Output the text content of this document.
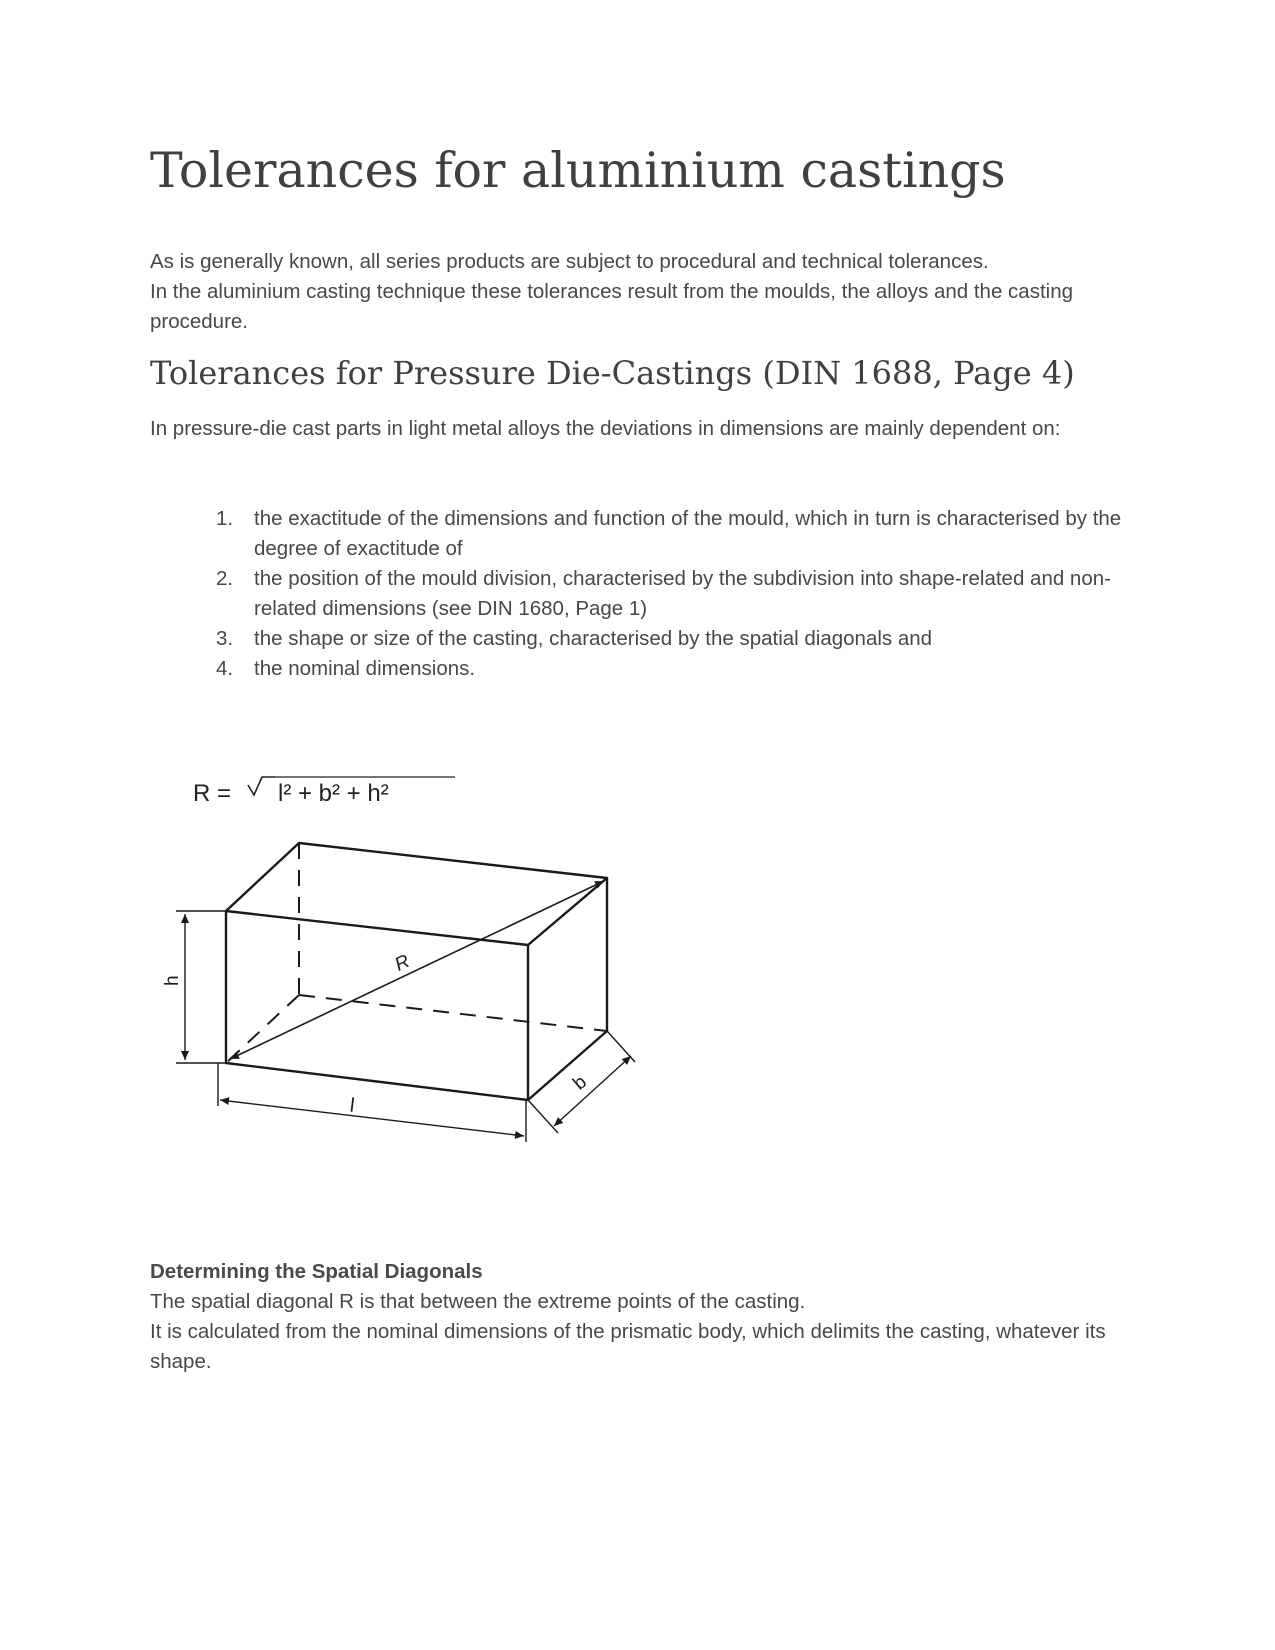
Tolerances for aluminium castings

As is generally known, all series products are subject to procedural and technical tolerances.

In the aluminium casting technique these tolerances result from the moulds, the alloys and the casting procedure.

Tolerances for Pressure Die-Castings (DIN 1688, Page 4)

In pressure-die cast parts in light metal alloys the deviations in dimensions are mainly dependent on:

1. the exactitude of the dimensions and function of the mould, which in turn is characterised by the degree of exactitude of
2. the position of the mould division, characterised by the subdivision into shape-related and non-related dimensions (see DIN 1680, Page 1)
3. the shape or size of the casting, characterised by the spatial diagonals and
4. the nominal dimensions.
R = l² + b² + h²
R
h
l
b

Determining the Spatial Diagonals

The spatial diagonal R is that between the extreme points of the casting.

It is calculated from the nominal dimensions of the prismatic body, which delimits the casting, whatever its shape.
